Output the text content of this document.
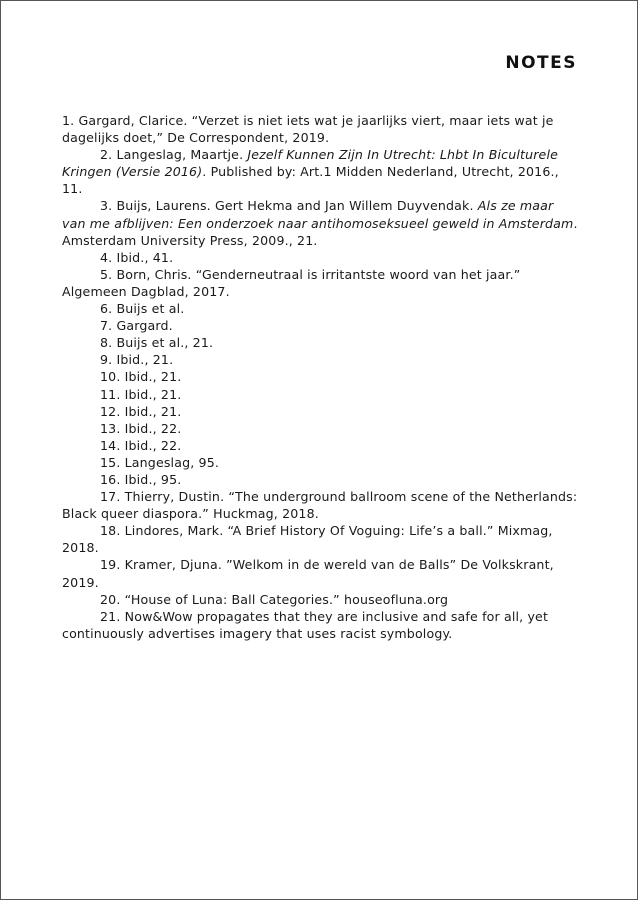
NOTES
1. Gargard, Clarice. “Verzet is niet iets wat je jaarlijks viert, maar iets wat je dagelijks doet,” De Correspondent, 2019.
2. Langeslag, Maartje. Jezelf Kunnen Zijn In Utrecht: Lhbt In Biculturele Kringen (Versie 2016). Published by: Art.1 Midden Nederland, Utrecht, 2016., 11.
3. Buijs, Laurens. Gert Hekma and Jan Willem Duyvendak. Als ze maar van me afblijven: Een onderzoek naar antihomoseksueel geweld in Amsterdam. Amsterdam University Press, 2009., 21.
4. Ibid., 41.
5. Born, Chris. “Genderneutraal is irritantste woord van het jaar.” Algemeen Dagblad, 2017.
6. Buijs et al.
7. Gargard.
8. Buijs et al., 21.
9. Ibid., 21.
10. Ibid., 21.
11. Ibid., 21.
12. Ibid., 21.
13. Ibid., 22.
14. Ibid., 22.
15. Langeslag, 95.
16. Ibid., 95.
17. Thierry, Dustin. “The underground ballroom scene of the Netherlands: Black queer diaspora.” Huckmag, 2018.
18. Lindores, Mark. “A Brief History Of Voguing: Life’s a ball.” Mixmag, 2018.
19. Kramer, Djuna. ”Welkom in de wereld van de Balls” De Volkskrant, 2019.
20. “House of Luna: Ball Categories.” houseofluna.org
21. Now&Wow propagates that they are inclusive and safe for all, yet continuously advertises imagery that uses racist symbology.
